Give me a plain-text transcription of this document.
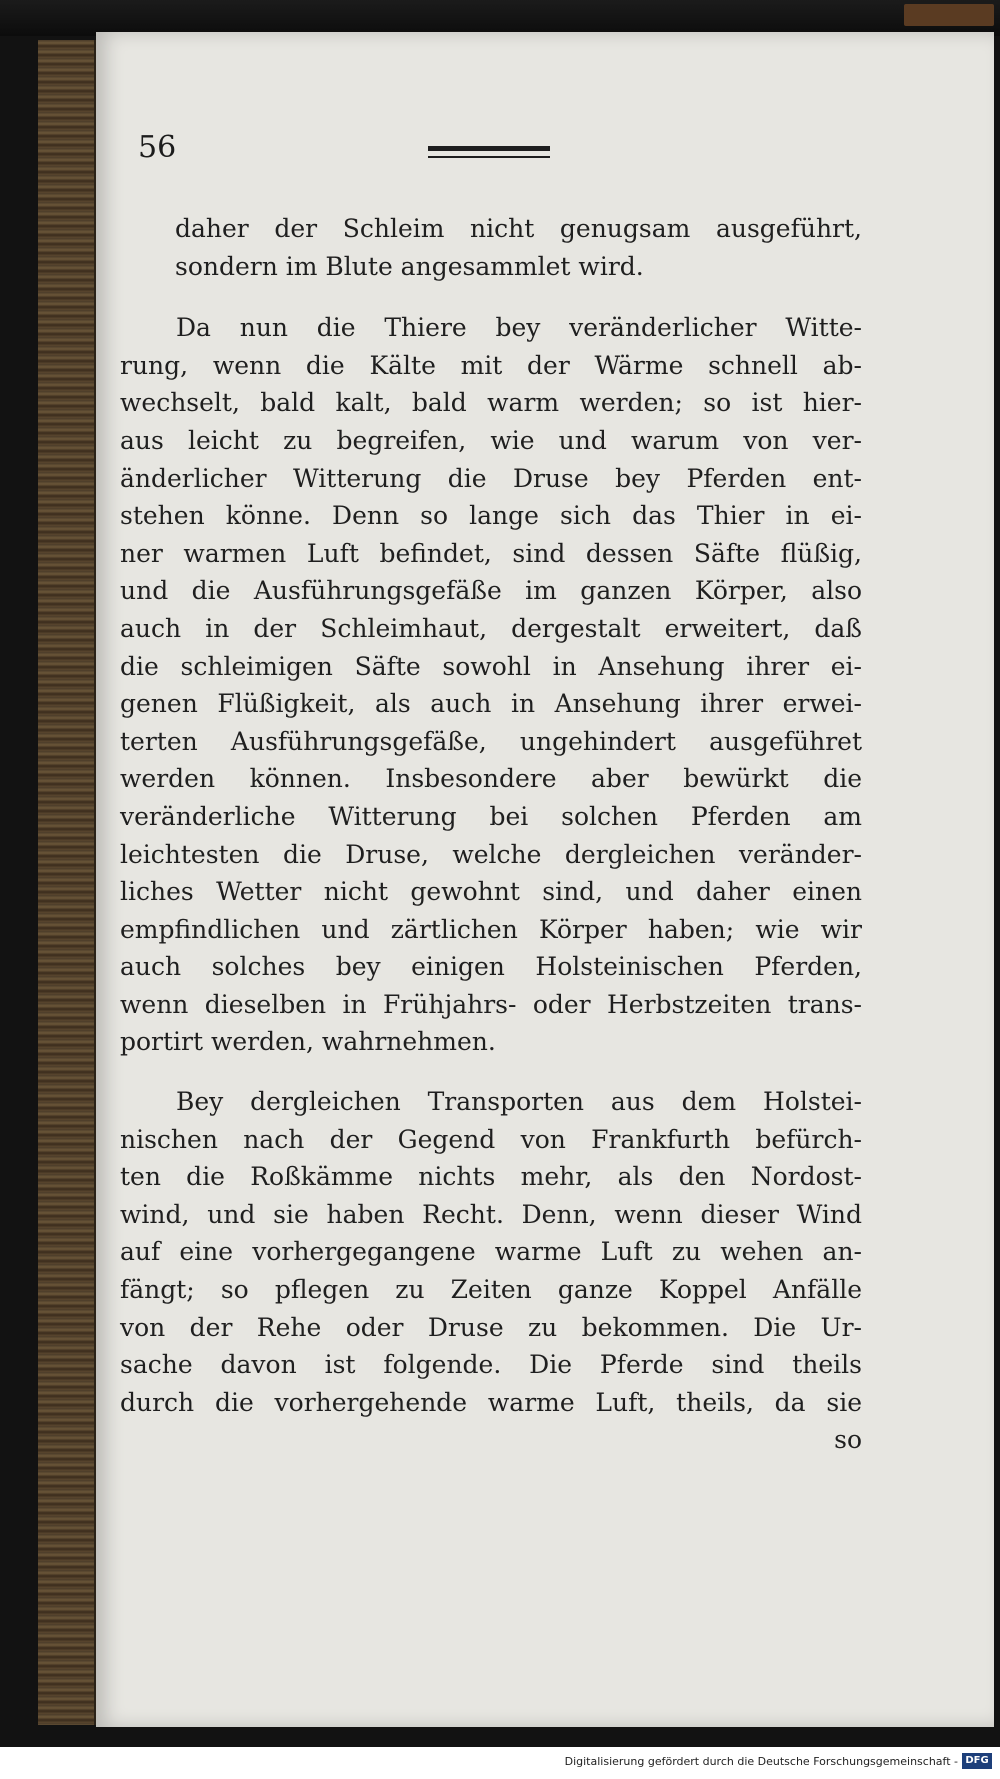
56

daher der Schleim nicht genugsam ausgeführt,
sondern im Blute angesammlet wird.
Da nun die Thiere bey veränderlicher Witte-
rung, wenn die Kälte mit der Wärme schnell ab-
wechselt, bald kalt, bald warm werden; so ist hier-
aus leicht zu begreifen, wie und warum von ver-
änderlicher Witterung die Druse bey Pferden ent-
stehen könne. Denn so lange sich das Thier in ei-
ner warmen Luft befindet, sind dessen Säfte flüßig,
und die Ausführungsgefäße im ganzen Körper, also
auch in der Schleimhaut, dergestalt erweitert, daß
die schleimigen Säfte sowohl in Ansehung ihrer ei-
genen Flüßigkeit, als auch in Ansehung ihrer erwei-
terten Ausführungsgefäße, ungehindert ausgeführet
werden können. Insbesondere aber bewürkt die
veränderliche Witterung bei solchen Pferden am
leichtesten die Druse, welche dergleichen veränder-
liches Wetter nicht gewohnt sind, und daher einen
empfindlichen und zärtlichen Körper haben; wie wir
auch solches bey einigen Holsteinischen Pferden,
wenn dieselben in Frühjahrs- oder Herbstzeiten trans-
portirt werden, wahrnehmen.
Bey dergleichen Transporten aus dem Holstei-
nischen nach der Gegend von Frankfurth befürch-
ten die Roßkämme nichts mehr, als den Nordost-
wind, und sie haben Recht. Denn, wenn dieser Wind
auf eine vorhergegangene warme Luft zu wehen an-
fängt; so pflegen zu Zeiten ganze Koppel Anfälle
von der Rehe oder Druse zu bekommen. Die Ur-
sache davon ist folgende. Die Pferde sind theils
durch die vorhergehende warme Luft, theils, da sie
so
Digitalisierung gefördert durch die Deutsche Forschungsgemeinschaft - DFG
